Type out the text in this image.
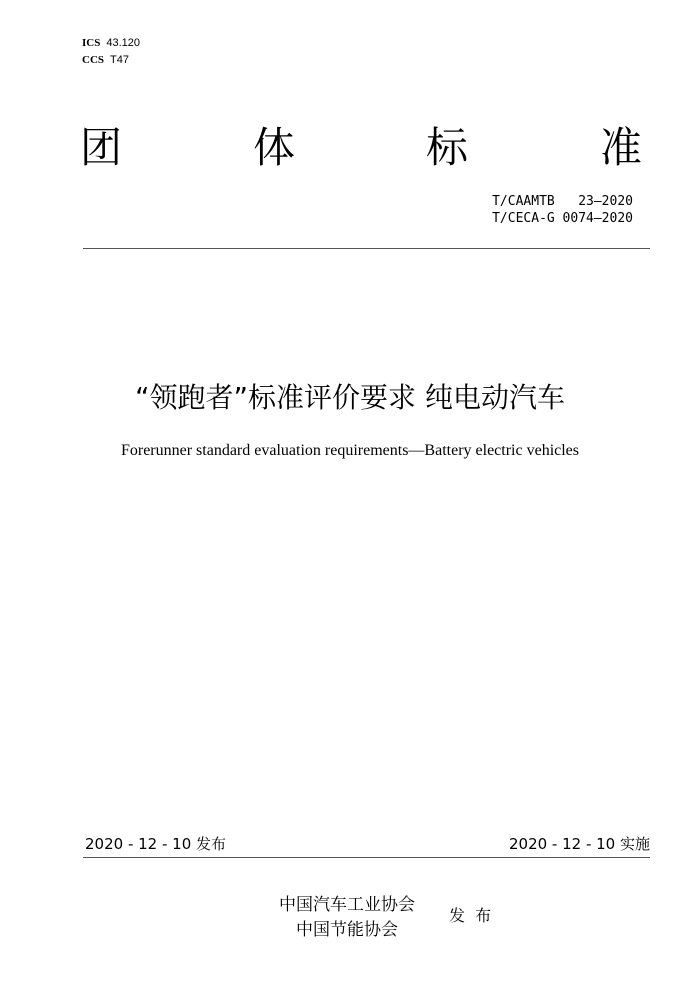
ICS 43.120
CCS T47
团	体	标	准
T/CAAMTB   23—2020
T/CECA-G 0074—2020
“领跑者”标准评价要求 纯电动汽车
Forerunner standard evaluation requirements—Battery electric vehicles
2020 - 12 - 10 发布	2020 - 12 - 10 实施
中国汽车工业协会
中国节能协会
发  布
